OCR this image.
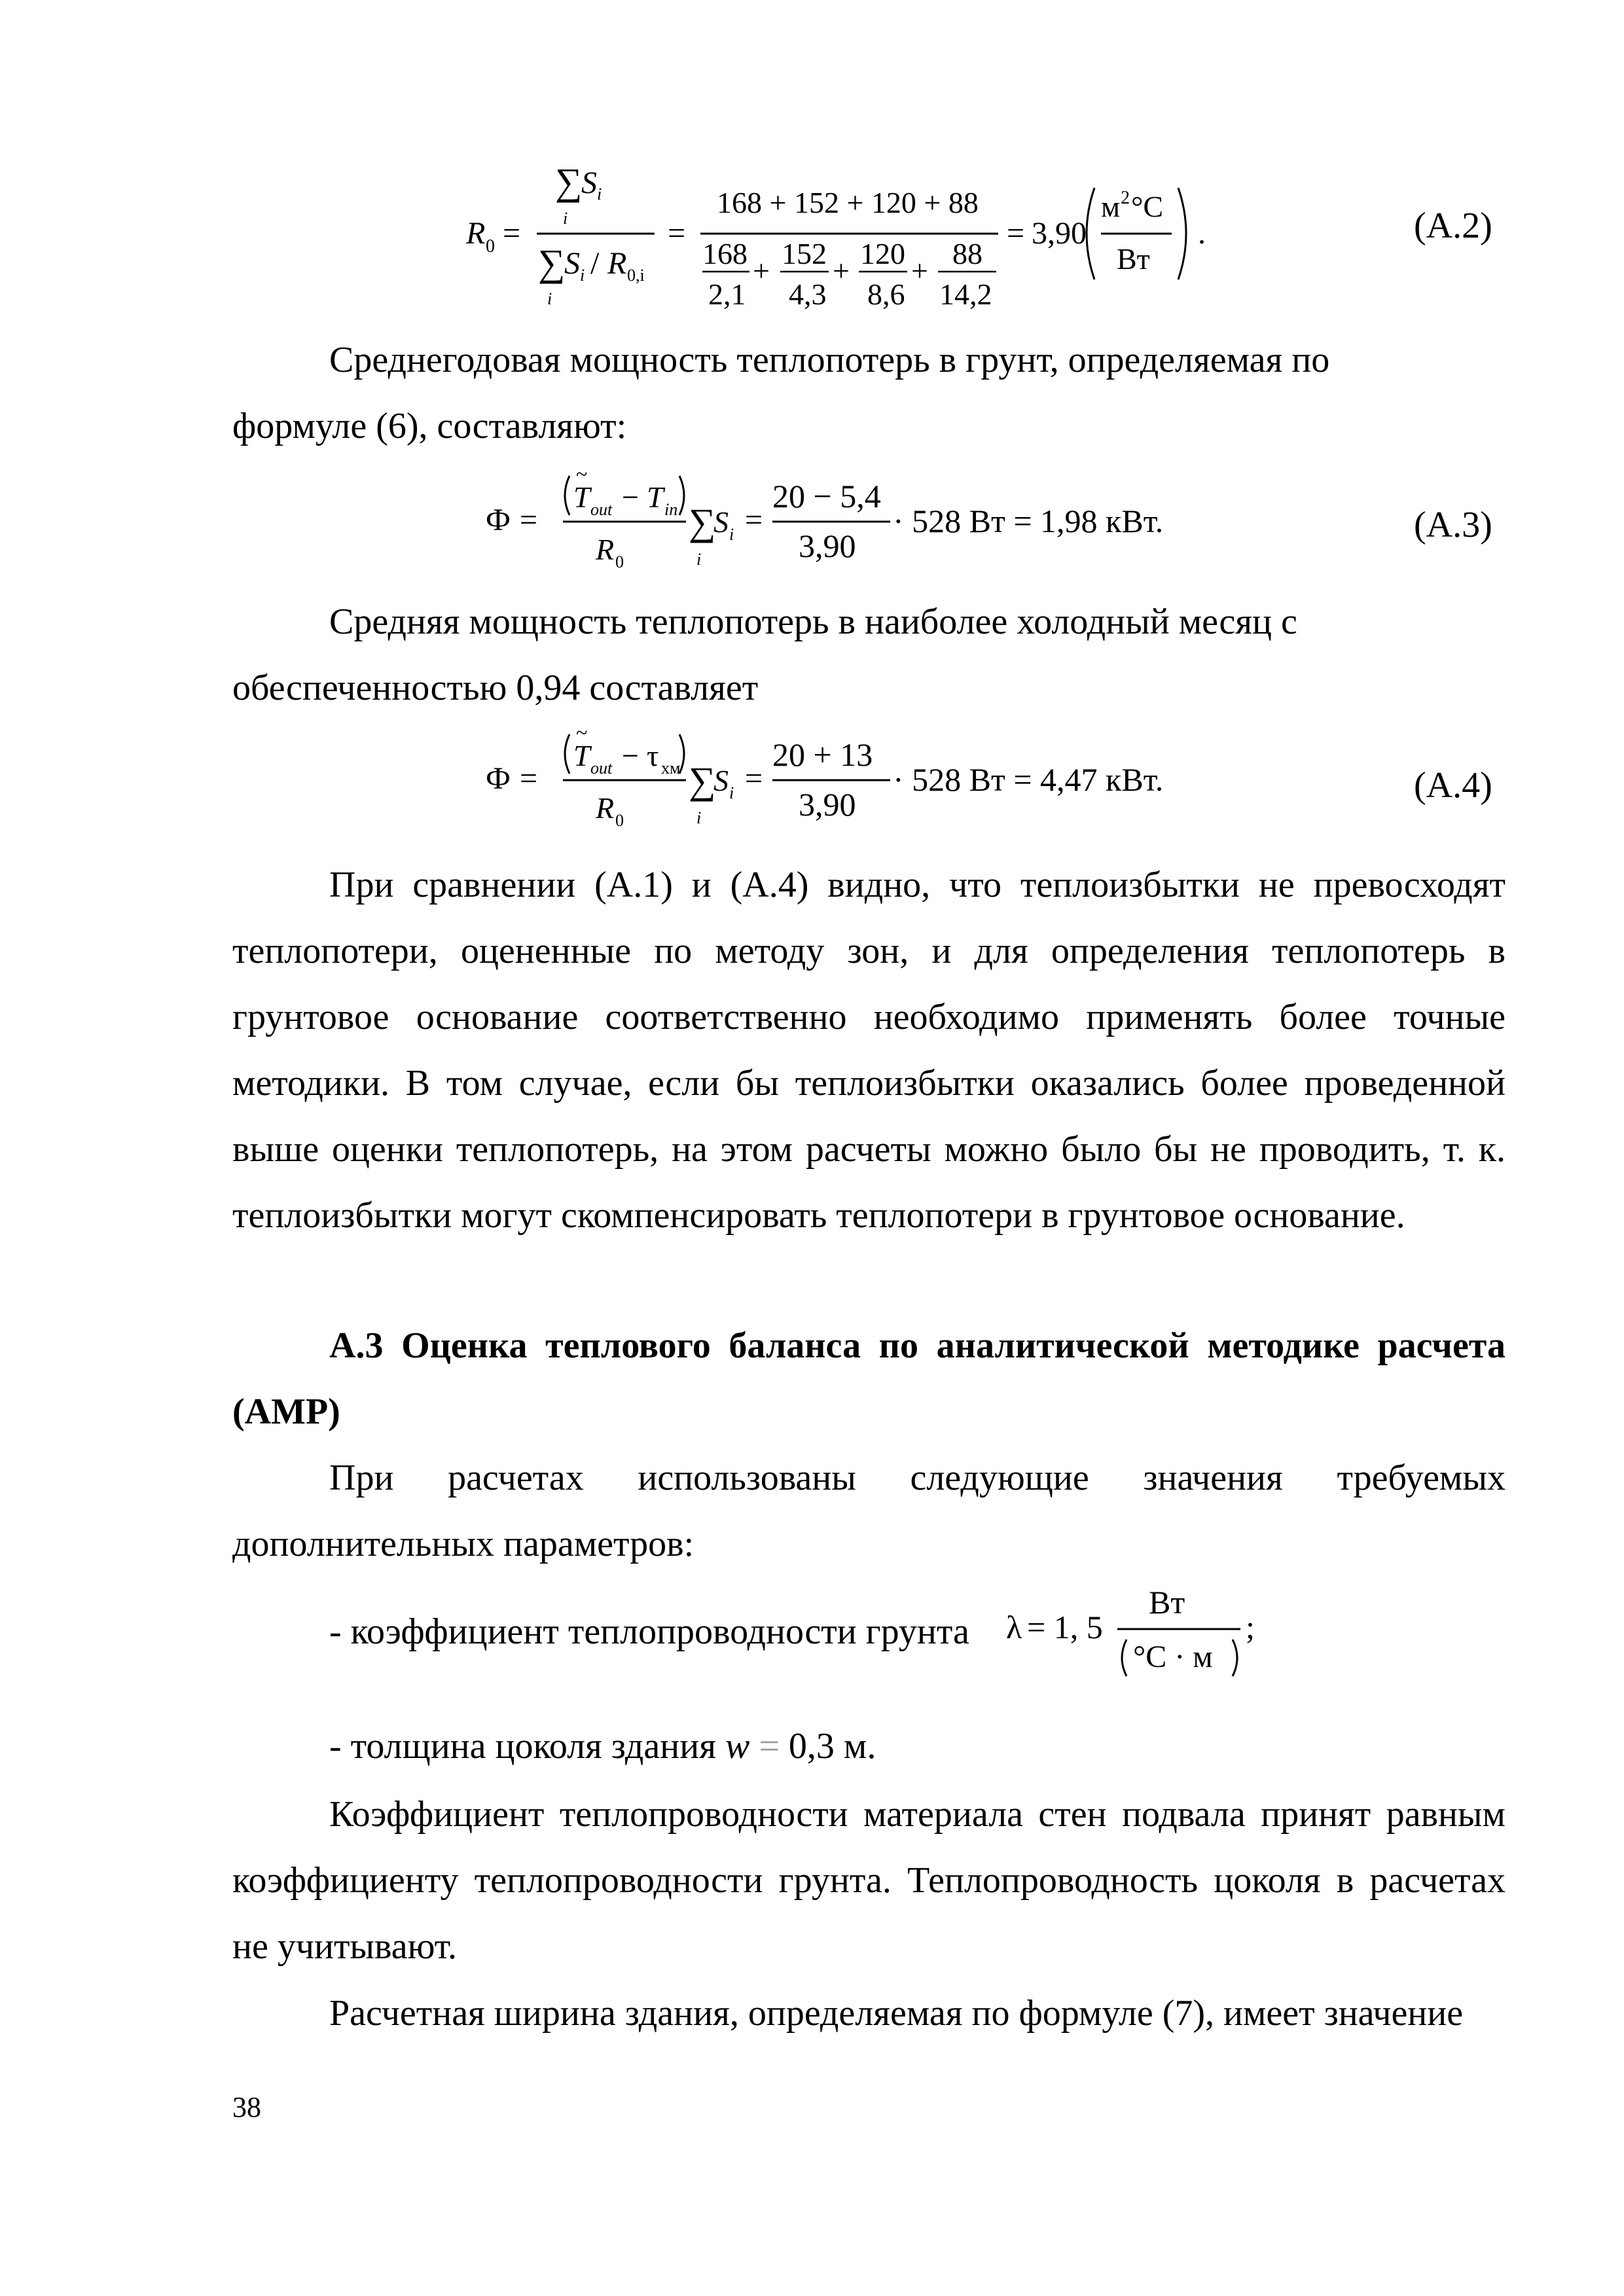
R 0 =
∑
S i
i
∑
S i / R 0,i
i
=
168 + 152 + 120 + 88
168
2,1
+
152
4,3
+
120
8,6
+
88
14,2
= 3,90
м 2 °С
Вт
.	(А.2)

Среднегодовая мощность теплопотерь в грунт, определяемая по

формуле (6), составляют:

Ф =
~
T out − T in
R 0
∑
i
S i =
20 − 5,4
3,90
· 528 Вт = 1,98 кВт.	(А.3)

Средняя мощность теплопотерь в наиболее холодный месяц с

обеспеченностью 0,94 составляет

Ф =
~
T out − τ хм
R 0
∑
i
S i =
20 + 13
3,90
· 528 Вт = 4,47 кВт.	(А.4)

При сравнении (А.1) и (А.4) видно, что теплоизбытки не превосходят теплопотери, оцененные по методу зон, и для определения теплопотерь в грунтовое основание соответственно необходимо применять более точные методики. В том случае, если бы теплоизбытки оказались более проведенной выше оценки теплопотерь, на этом расчеты можно было бы не проводить, т. к. теплоизбытки могут скомпенсировать теплопотери в грунтовое основание.

А.3 Оценка теплового баланса по аналитической методике расчета (АМР)

При расчетах использованы следующие значения требуемых дополнительных параметров:

- коэффициент теплопроводности грунта λ = 1, 5
Вт
°С · м
;
- толщина цоколя здания w = 0,3 м.

Коэффициент теплопроводности материала стен подвала принят равным коэффициенту теплопроводности грунта. Теплопроводность цоколя в расчетах не учитывают.

Расчетная ширина здания, определяемая по формуле (7), имеет значение

38
